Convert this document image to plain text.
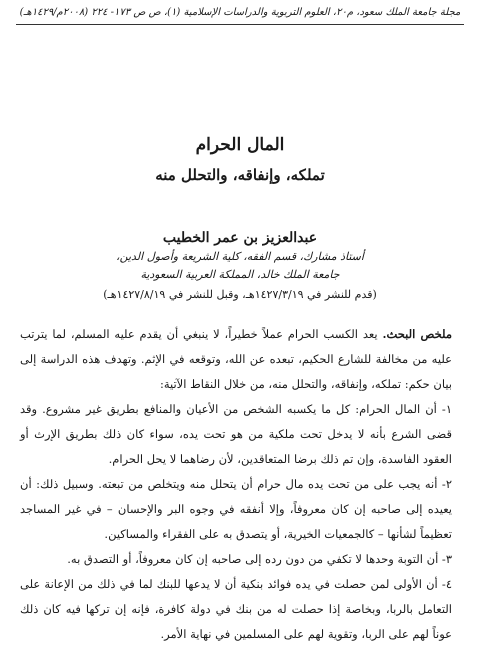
مجلة جامعة الملك سعود، م٢٠، العلوم التربوية والدراسات الإسلامية (١)، ص ص ١٧٣- ٢٢٤ (٢٠٠٨م/١٤٢٩هـ)
المال الحرام
تملكه، وإنفاقه، والتحلل منه
عبدالعزيز بن عمر الخطيب
أستاذ مشارك، قسم الفقه، كلية الشريعة وأصول الدين،
جامعة الملك خالد، المملكة العربية السعودية
(قدم للنشر في ١٤٢٧/٣/١٩هـ، وقبل للنشر في ١٤٢٧/٨/١٩هـ)

ملخص البحث. يعد الكسب الحرام عملاً خطيراً، لا ينبغي أن يقدم عليه المسلم، لما يترتب عليه من مخالفة للشارع الحكيم، تبعده عن الله، وتوقعه في الإثم. وتهدف هذه الدراسة إلى بيان حكم: تملكه، وإنفاقه، والتحلل منه، من خلال النقاط الآتية:

١- أن المال الحرام: كل ما يكسبه الشخص من الأعيان والمنافع بطريق غير مشروع. وقد قضى الشرع بأنه لا يدخل تحت ملكية من هو تحت يده، سواء كان ذلك بطريق الإرث أو العقود الفاسدة، وإن تم ذلك برضا المتعاقدين، لأن رضاهما لا يحل الحرام.

٢- أنه يجب على من تحت يده مال حرام أن يتحلل منه ويتخلص من تبعته. وسبيل ذلك: أن يعيده إلى صاحبه إن كان معروفاً، وإلا أنفقه في وجوه البر والإحسان – في غير المساجد تعظيماً لشأنها – كالجمعيات الخيرية، أو يتصدق به على الفقراء والمساكين.

٣- أن التوبة وحدها لا تكفي من دون رده إلى صاحبه إن كان معروفاً، أو التصدق به.

٤- أن الأولى لمن حصلت في يده فوائد بنكية أن لا يدعها للبنك لما في ذلك من الإعانة على التعامل بالربا، وبخاصة إذا حصلت له من بنك في دولة كافرة، فإنه إن تركها فيه كان ذلك عوناً لهم على الربا، وتقوية لهم على المسلمين في نهاية الأمر.
